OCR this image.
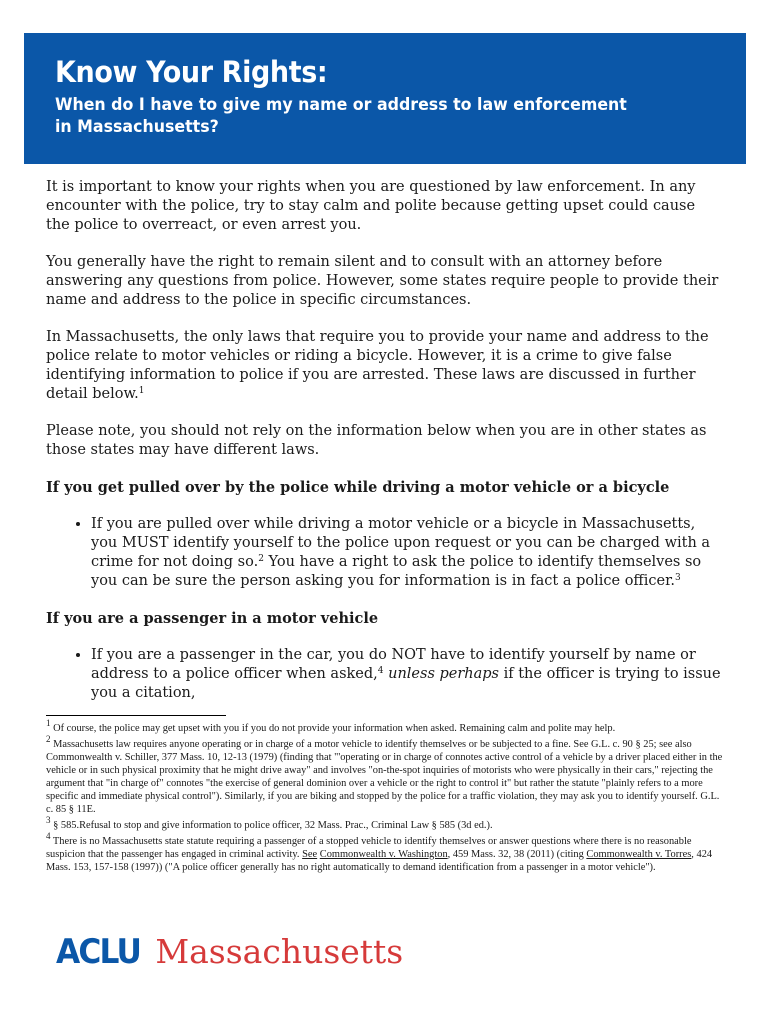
Know Your Rights:
When do I have to give my name or address to law enforcement
in Massachusetts?

It is important to know your rights when you are questioned by law enforcement. In any encounter with the police, try to stay calm and polite because getting upset could cause the police to overreact, or even arrest you.

You generally have the right to remain silent and to consult with an attorney before answering any questions from police. However, some states require people to provide their name and address to the police in specific circumstances.

In Massachusetts, the only laws that require you to provide your name and address to the police relate to motor vehicles or riding a bicycle. However, it is a crime to give false identifying information to police if you are arrested. These laws are discussed in further detail below.$^1$

Please note, you should not rely on the information below when you are in other states as those states may have different laws.

If you get pulled over by the police while driving a motor vehicle or a bicycle
• If you are pulled over while driving a motor vehicle or a bicycle in Massachusetts, you MUST identify yourself to the police upon request or you can be charged with a crime for not doing so.$^2$ You have a right to ask the police to identify themselves so you can be sure the person asking you for information is in fact a police officer.$^3$
If you are a passenger in a motor vehicle
• If you are a passenger in the car, you do NOT have to identify yourself by name or address to a police officer when asked,$^4$ unless perhaps if the officer is trying to issue you a citation,
$^1$ Of course, the police may get upset with you if you do not provide your information when asked. Remaining calm and polite may help.
$^2$ Massachusetts law requires anyone operating or in charge of a motor vehicle to identify themselves or be subjected to a fine. See G.L. c. 90 § 25; see also Commonwealth v. Schiller, 377 Mass. 10, 12-13 (1979) (finding that "'operating or in charge of connotes active control of a vehicle by a driver placed either in the vehicle or in such physical proximity that he might drive away" and involves "on-the-spot inquiries of motorists who were physically in their cars," rejecting the argument that "in charge of" connotes "the exercise of general dominion over a vehicle or the right to control it" but rather the statute "plainly refers to a more specific and immediate physical control"). Similarly, if you are biking and stopped by the police for a traffic violation, they may ask you to identify yourself. G.L. c. 85 § 11E.
$^3$ § 585.Refusal to stop and give information to police officer, 32 Mass. Prac., Criminal Law § 585 (3d ed.).
$^4$ There is no Massachusetts state statute requiring a passenger of a stopped vehicle to identify themselves or answer questions where there is no reasonable suspicion that the passenger has engaged in criminal activity. See Commonwealth v. Washington, 459 Mass. 32, 38 (2011) (citing Commonwealth v. Torres, 424 Mass. 153, 157-158 (1997)) ("A police officer generally has no right automatically to demand identification from a passenger in a motor vehicle").
ACLU Massachusetts
